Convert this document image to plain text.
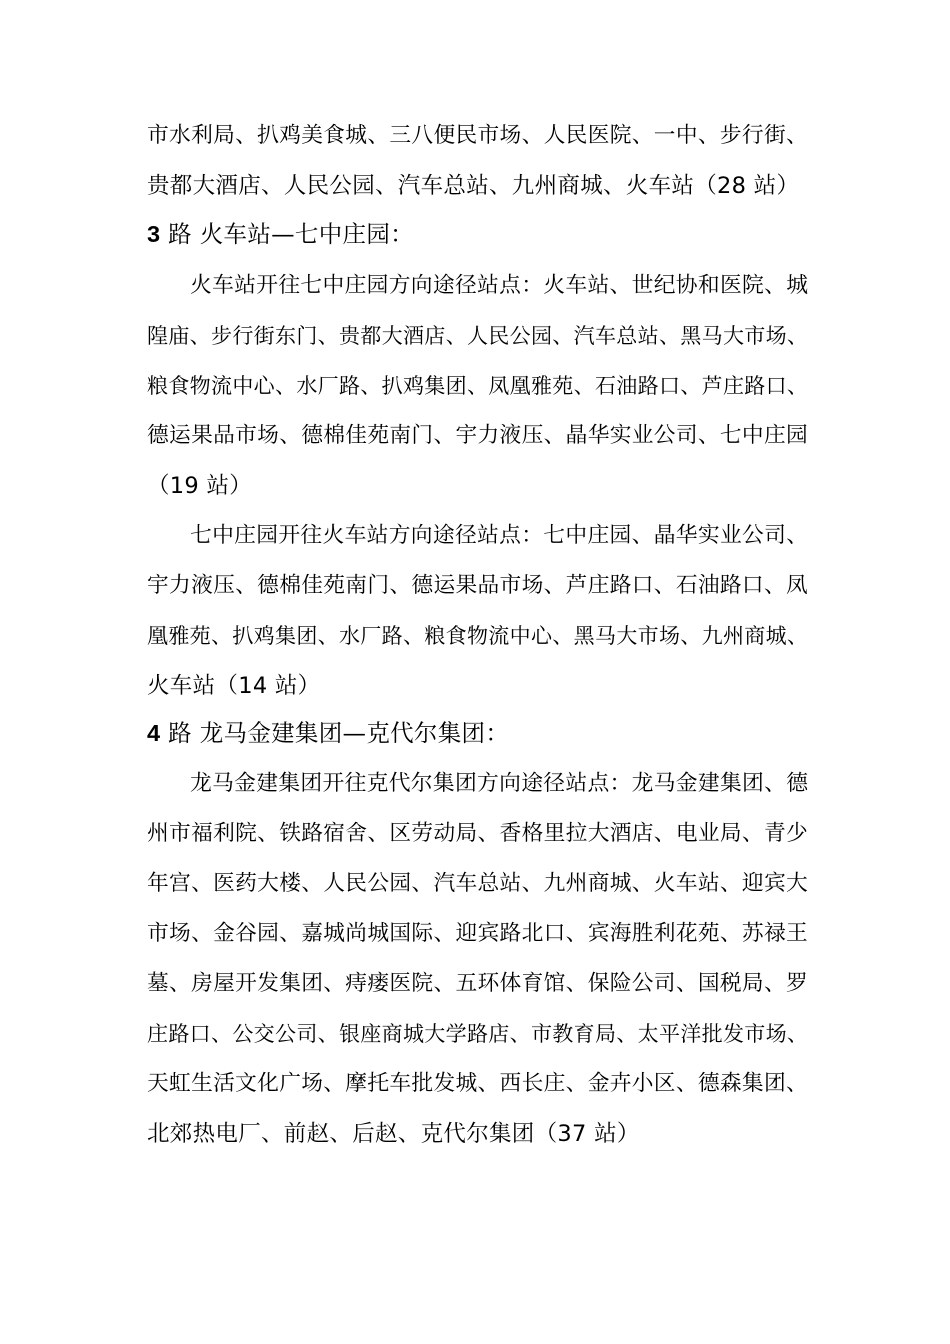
市水利局、扒鸡美食城、三八便民市场、人民医院、一中、步行街、
贵都大酒店、人民公园、汽车总站、九州商城、火车站（28 站）
3 路 火车站—七中庄园：
火车站开往七中庄园方向途径站点：火车站、世纪协和医院、城
隍庙、步行街东门、贵都大酒店、人民公园、汽车总站、黑马大市场、
粮食物流中心、水厂路、扒鸡集团、凤凰雅苑、石油路口、芦庄路口、
德运果品市场、德棉佳苑南门、宇力液压、晶华实业公司、七中庄园
（19 站）
七中庄园开往火车站方向途径站点：七中庄园、晶华实业公司、
宇力液压、德棉佳苑南门、德运果品市场、芦庄路口、石油路口、凤
凰雅苑、扒鸡集团、水厂路、粮食物流中心、黑马大市场、九州商城、
火车站（14 站）
4 路 龙马金建集团—克代尔集团：
龙马金建集团开往克代尔集团方向途径站点：龙马金建集团、德
州市福利院、铁路宿舍、区劳动局、香格里拉大酒店、电业局、青少
年宫、医药大楼、人民公园、汽车总站、九州商城、火车站、迎宾大
市场、金谷园、嘉城尚城国际、迎宾路北口、宾海胜利花苑、苏禄王
墓、房屋开发集团、痔瘘医院、五环体育馆、保险公司、国税局、罗
庄路口、公交公司、银座商城大学路店、市教育局、太平洋批发市场、
天虹生活文化广场、摩托车批发城、西长庄、金卉小区、德森集团、
北郊热电厂、前赵、后赵、克代尔集团（37 站）
